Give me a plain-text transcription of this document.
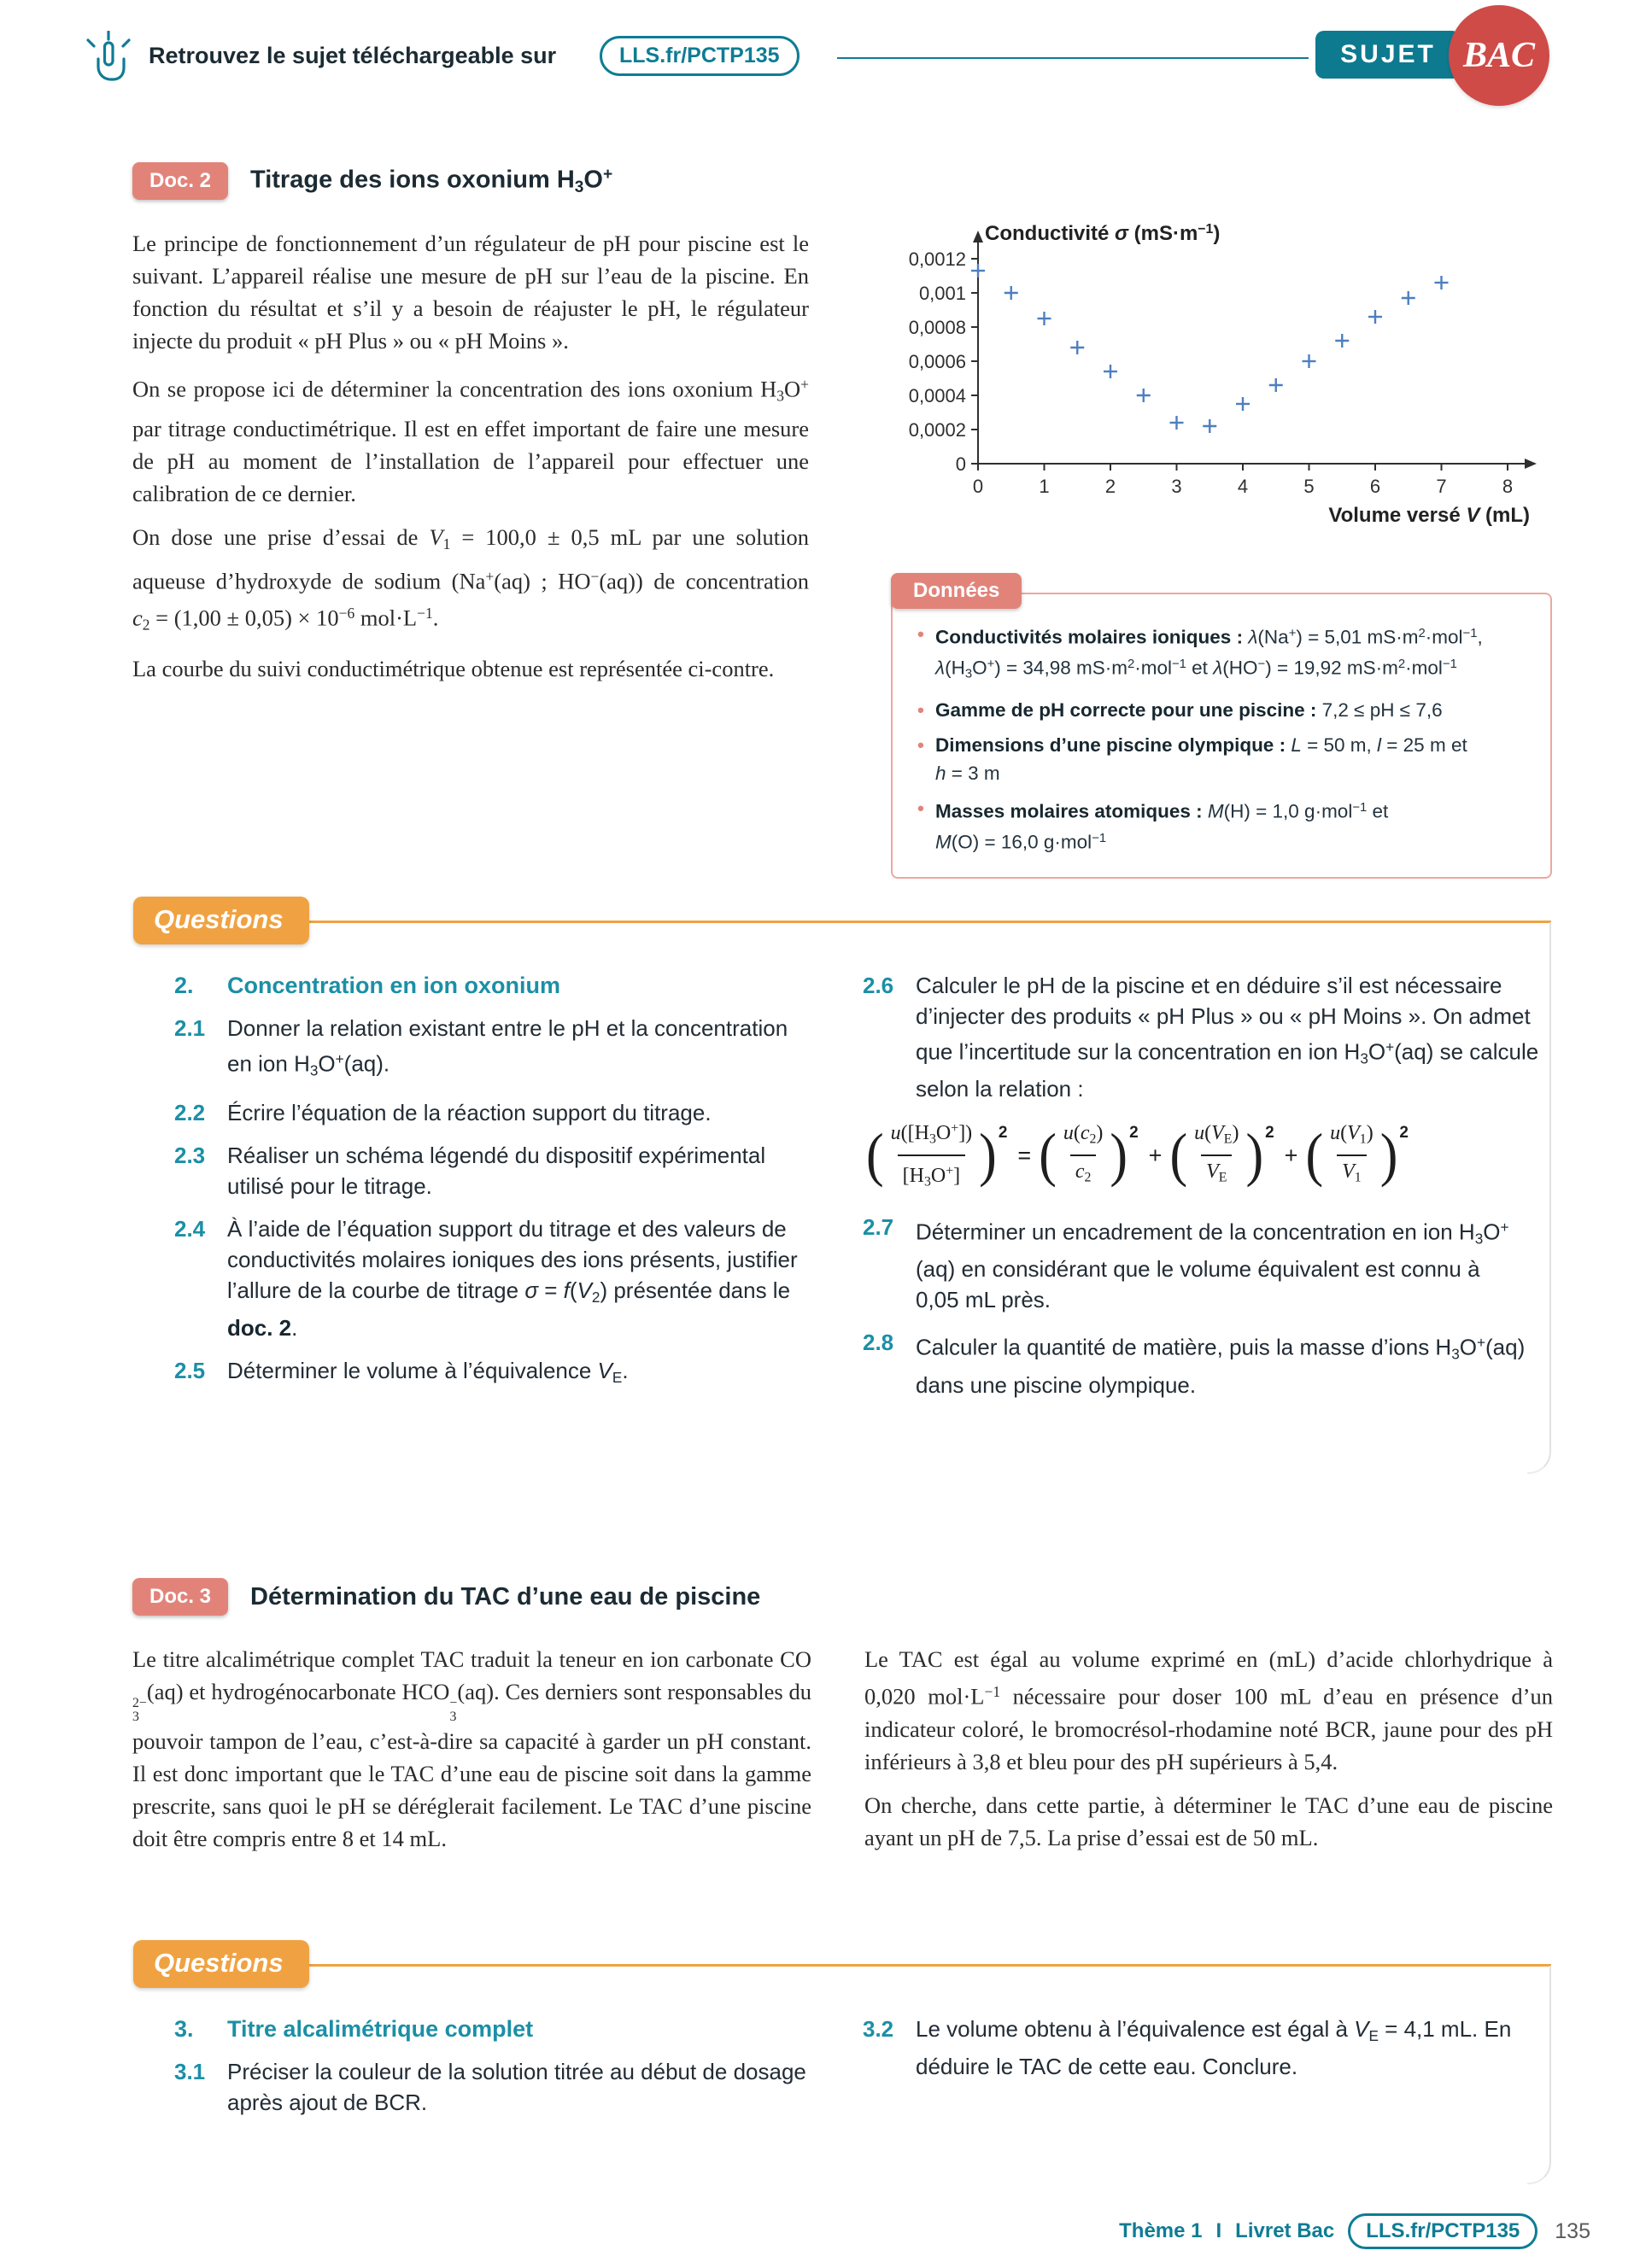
Retrouvez le sujet téléchargeable sur	LLS.fr/PCTP135	SUJET BAC
Doc. 2	Titrage des ions oxonium $H_3O^+$

Le principe de fonctionnement d’un régulateur de pH pour piscine est le suivant. L’appareil réalise une mesure de pH sur l’eau de la piscine. En fonction du résultat et s’il y a besoin de réajuster le pH, le régulateur injecte du produit « pH Plus » ou « pH Moins ».

On se propose ici de déterminer la concentration des ions oxonium $H_3O^+$ par titrage conductimétrique. Il est en effet important de faire une mesure de pH au moment de l’installation de l’appareil pour effectuer une calibration de ce dernier.

On dose une prise d’essai de $V_1 = 100,0 \pm 0,5$ mL par une solution aqueuse d’hydroxyde de sodium (Na+(aq) ; HO−(aq)) de concentration $c_2 = (1,00 \pm 0,05) \times 10^{-6}$ $mol\cdot L^{-1}$.

La courbe du suivi conductimétrique obtenue est représentée ci-contre.

0
0,0002
0,0004
0,0006
0,0008
0,001
0,0012
0	1	2	3	4	5	6	7	8
Conductivité σ $(mS\cdot m^{-1})$
Volume versé V (mL)
Données
• Conductivités molaires ioniques : λ(Na+) = 5,01 $mS\cdot m^2\cdot mol^{-1}$, $\lambda(H_3O^+) = 34,98$ $mS\cdot m^2\cdot mol^{-1}$ et λ(HO−) = 19,92 $mS\cdot m^2\cdot mol^{-1}$
• Gamme de pH correcte pour une piscine : 7,2 ≤ pH ≤ 7,6
• Dimensions d’une piscine olympique : L = 50 m, l = 25 m et h = 3 m
• Masses molaires atomiques : M(H) = 1,0 g·mol$^{-1}$ et M(O) = 16,0 g·mol$^{-1}$
Questions
2.	Concentration en ion oxonium
2.1 Donner la relation existant entre le pH et la concentration en ion $H_3O^+(aq)$.
2.2 Écrire l’équation de la réaction support du titrage.
2.3 Réaliser un schéma légendé du dispositif expérimental utilisé pour le titrage.
2.4 À l’aide de l’équation support du titrage et des valeurs de conductivités molaires ioniques des ions présents, justifier l’allure de la courbe de titrage $\sigma = f(V_2)$ présentée dans le doc. 2.
2.5 Déterminer le volume à l’équivalence $V_E$.
2.6 Calculer le pH de la piscine et en déduire s’il est nécessaire d’injecter des produits « pH Plus » ou « pH Moins ». On admet que l’incertitude sur la concentration en ion $H_3O^+(aq)$ se calcule selon la relation :
( $\frac{u([H_3O^+])}{[H_3O^+]}$ ) 2
= ( $\frac{u(c_2)}{c_2}$ ) 2
+ ( $\frac{u(V_E)}{V_E}$ ) 2
+ ( $\frac{u(V_1)}{V_1}$ ) 2
2.7 Déterminer un encadrement de la concentration en ion $H_3O^+(aq)$ en considérant que le volume équivalent est connu à 0,05 mL près.
2.8 Calculer la quantité de matière, puis la masse d’ions $H_3O^+(aq)$ dans une piscine olympique.
Doc. 3	Détermination du TAC d’une eau de piscine

Le titre alcalimétrique complet TAC traduit la teneur en ion carbonate CO
2−
3
(aq) et hydrogénocarbonate HCO −
3
(aq). Ces derniers sont responsables du pouvoir tampon de l’eau, c’est-à-dire sa capacité à garder un pH constant. Il est donc important que le TAC d’une eau de piscine soit dans la gamme prescrite, sans quoi le pH se déréglerait facilement. Le TAC d’une piscine doit être compris entre 8 et 14 mL.

Le TAC est égal au volume exprimé en (mL) d’acide chlorhydrique à 0,020 $mol\cdot L^{-1}$ nécessaire pour doser 100 mL d’eau en présence d’un indicateur coloré, le bromocrésol-rhodamine noté BCR, jaune pour des pH inférieurs à 3,8 et bleu pour des pH supérieurs à 5,4.

On cherche, dans cette partie, à déterminer le TAC d’une eau de piscine ayant un pH de 7,5. La prise d’essai est de 50 mL.

Questions
3.	Titre alcalimétrique complet
3.1 Préciser la couleur de la solution titrée au début de dosage après ajout de BCR.
3.2 Le volume obtenu à l’équivalence est égal à $V_E = 4,1$ mL. En déduire le TAC de cette eau. Conclure.
Thème 1 I Livret Bac	LLS.fr/PCTP135	135
